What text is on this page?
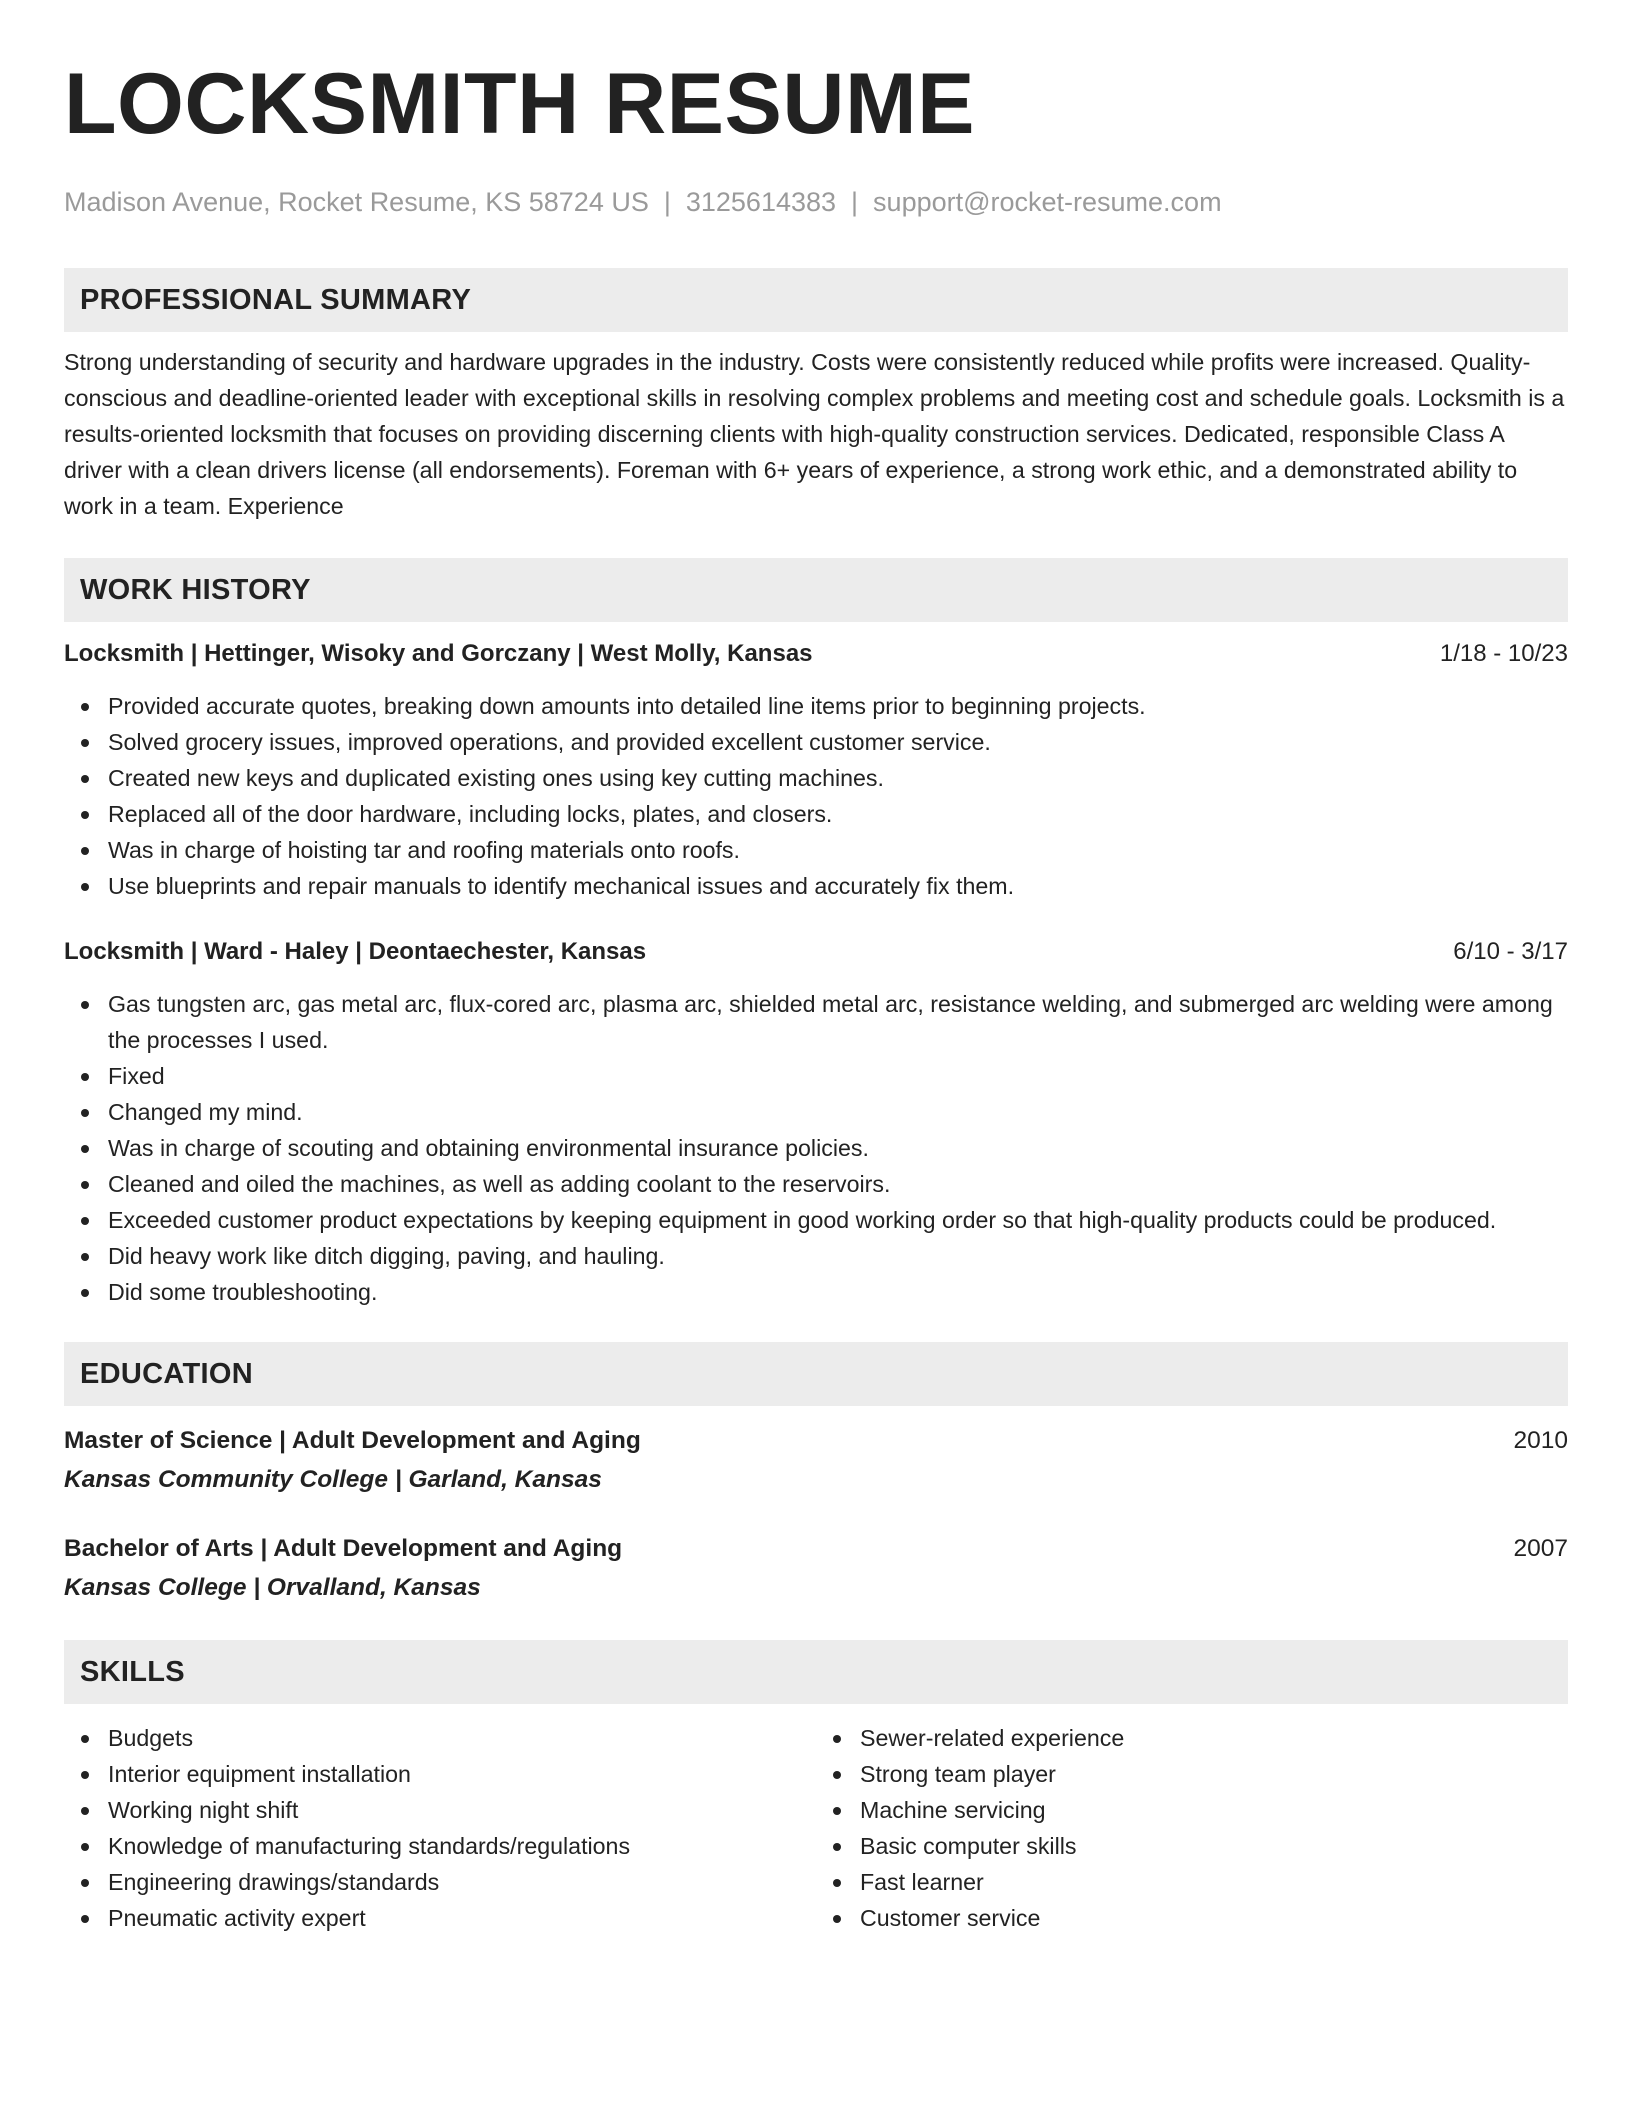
LOCKSMITH RESUME
Madison Avenue, Rocket Resume, KS 58724 US | 3125614383 | support@rocket-resume.com
PROFESSIONAL SUMMARY
Strong understanding of security and hardware upgrades in the industry. Costs were consistently reduced while profits were increased. Quality-conscious and deadline-oriented leader with exceptional skills in resolving complex problems and meeting cost and schedule goals. Locksmith is a results-oriented locksmith that focuses on providing discerning clients with high-quality construction services. Dedicated, responsible Class A driver with a clean drivers license (all endorsements). Foreman with 6+ years of experience, a strong work ethic, and a demonstrated ability to work in a team. Experience
WORK HISTORY
Locksmith | Hettinger, Wisoky and Gorczany | West Molly, Kansas	1/18 - 10/23
Provided accurate quotes, breaking down amounts into detailed line items prior to beginning projects.
Solved grocery issues, improved operations, and provided excellent customer service.
Created new keys and duplicated existing ones using key cutting machines.
Replaced all of the door hardware, including locks, plates, and closers.
Was in charge of hoisting tar and roofing materials onto roofs.
Use blueprints and repair manuals to identify mechanical issues and accurately fix them.
Locksmith | Ward - Haley | Deontaechester, Kansas	6/10 - 3/17
Gas tungsten arc, gas metal arc, flux-cored arc, plasma arc, shielded metal arc, resistance welding, and submerged arc welding were among the processes I used.
Fixed
Changed my mind.
Was in charge of scouting and obtaining environmental insurance policies.
Cleaned and oiled the machines, as well as adding coolant to the reservoirs.
Exceeded customer product expectations by keeping equipment in good working order so that high-quality products could be produced.
Did heavy work like ditch digging, paving, and hauling.
Did some troubleshooting.
EDUCATION
Master of Science | Adult Development and Aging	2010
Kansas Community College | Garland, Kansas
Bachelor of Arts | Adult Development and Aging	2007
Kansas College | Orvalland, Kansas
SKILLS
Budgets
Interior equipment installation
Working night shift
Knowledge of manufacturing standards/regulations
Engineering drawings/standards
Pneumatic activity expert
Sewer-related experience
Strong team player
Machine servicing
Basic computer skills
Fast learner
Customer service
